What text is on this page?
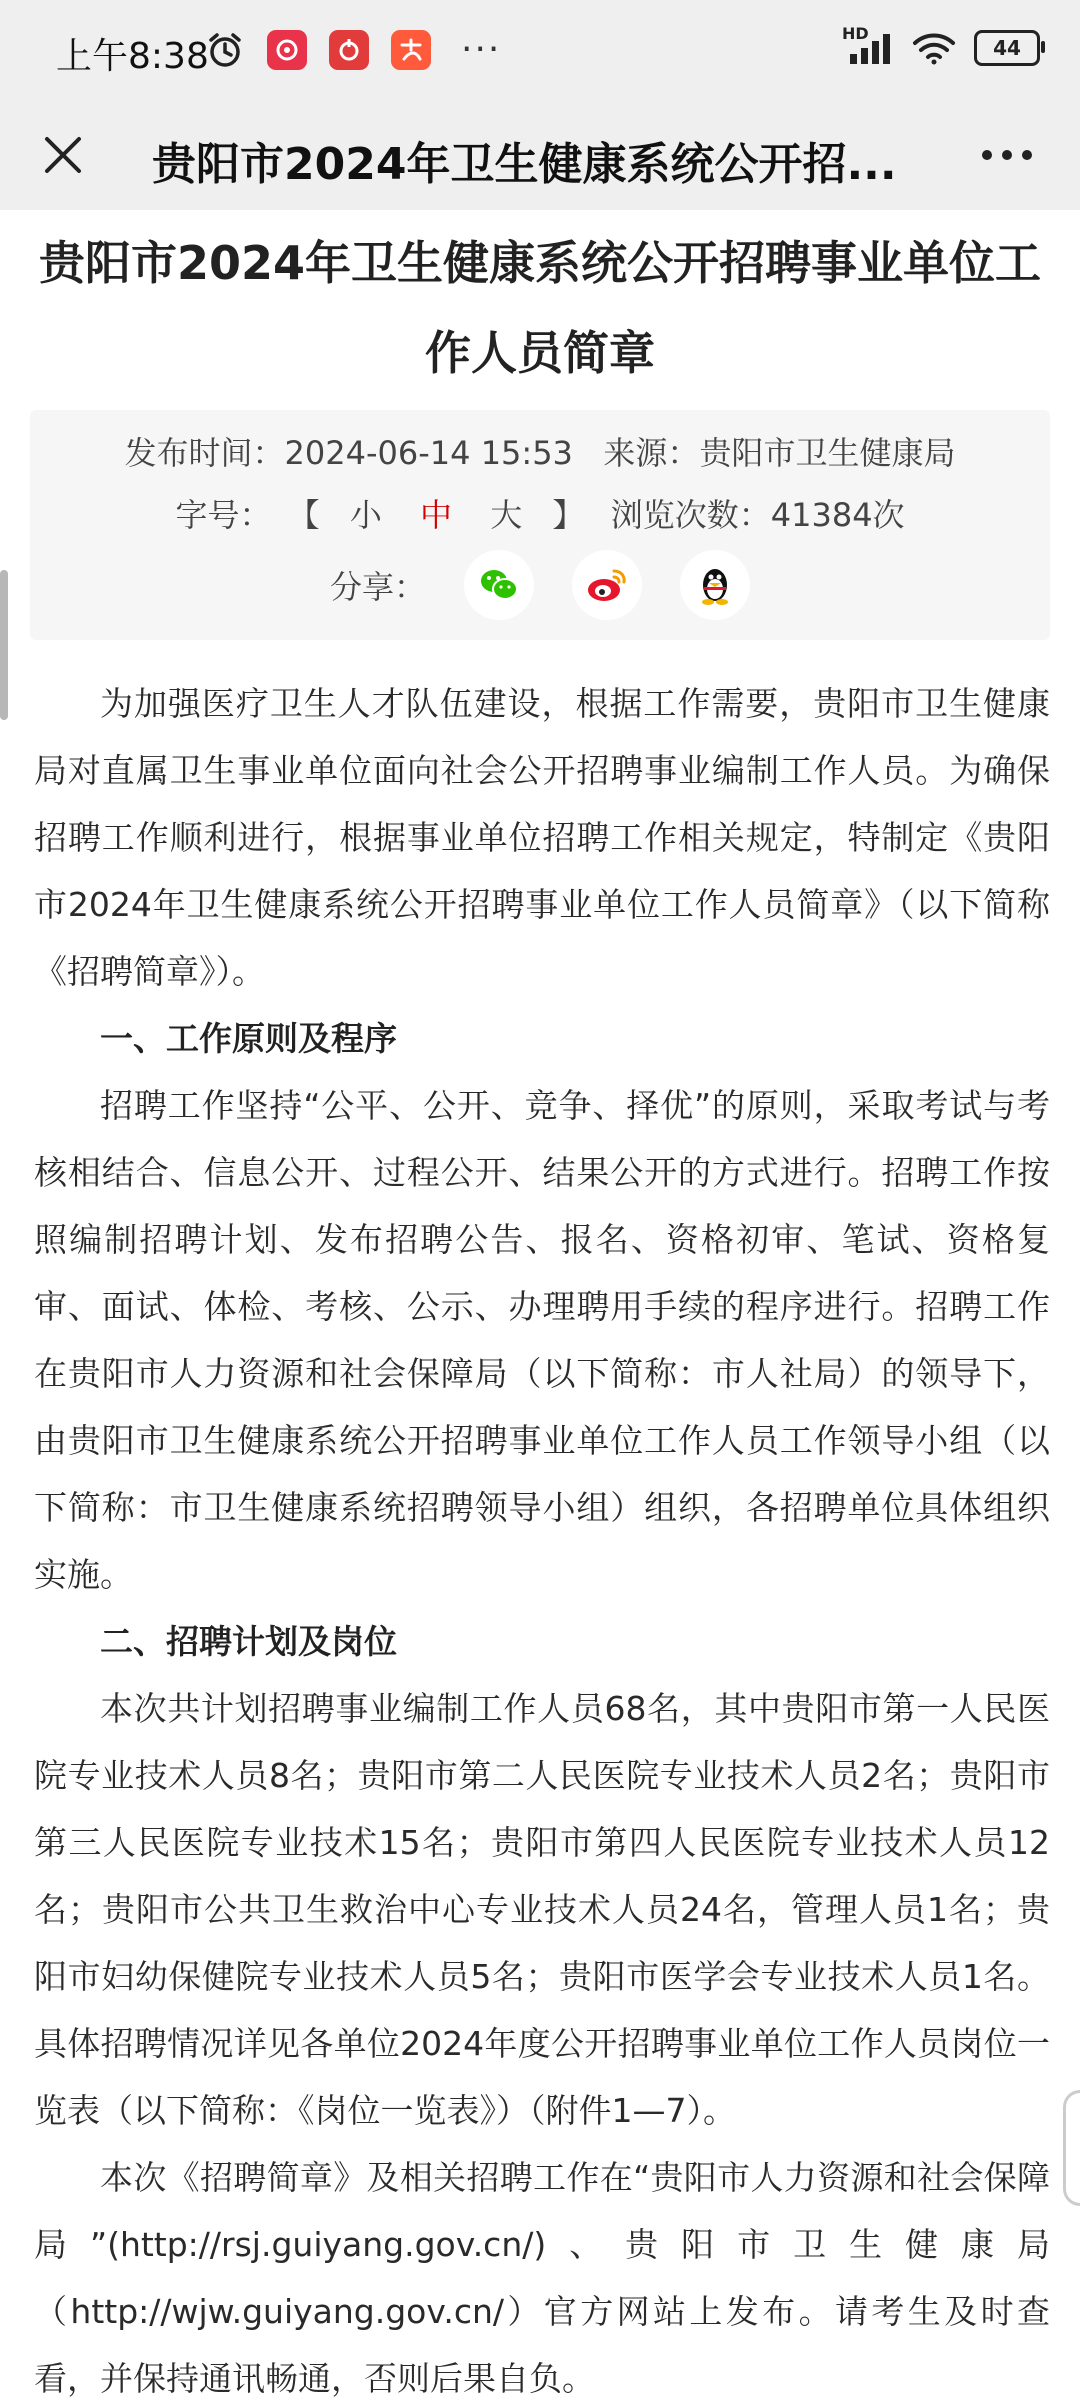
上午8:38	···	HD
44
贵阳市2024年卫生健康系统公开招...
贵阳市2024年卫生健康系统公开招聘事业单位工作人员简章
发布时间：2024-06-14 15:53 来源：贵阳市卫生健康局
字号： 【 小 中 大 】 浏览次数：41384次
分享：

为加强医疗卫生人才队伍建设，根据工作需要，贵阳市卫生健康局对直属卫生事业单位面向社会公开招聘事业编制工作人员。为确保招聘工作顺利进行，根据事业单位招聘工作相关规定，特制定《贵阳市2024年卫生健康系统公开招聘事业单位工作人员简章》（以下简称《招聘简章》）。

一、工作原则及程序

招聘工作坚持“公平、公开、竞争、择优”的原则，采取考试与考核相结合、信息公开、过程公开、结果公开的方式进行。招聘工作按照编制招聘计划、发布招聘公告、报名、资格初审、笔试、资格复审、面试、体检、考核、公示、办理聘用手续的程序进行。招聘工作在贵阳市人力资源和社会保障局（以下简称：市人社局）的领导下，由贵阳市卫生健康系统公开招聘事业单位工作人员工作领导小组（以下简称：市卫生健康系统招聘领导小组）组织，各招聘单位具体组织实施。

二、招聘计划及岗位

本次共计划招聘事业编制工作人员68名，其中贵阳市第一人民医院专业技术人员8名；贵阳市第二人民医院专业技术人员2名；贵阳市第三人民医院专业技术15名；贵阳市第四人民医院专业技术人员12名；贵阳市公共卫生救治中心专业技术人员24名，管理人员1名；贵阳市妇幼保健院专业技术人员5名；贵阳市医学会专业技术人员1名。具体招聘情况详见各单位2024年度公开招聘事业单位工作人员岗位一览表（以下简称：《岗位一览表》）（附件1—7）。

本次《招聘简章》及相关招聘工作在“贵阳市人力资源和社会保障局”(http://rsj.guiyang.gov.cn/)、贵阳市卫生健康局（http://wjw.guiyang.gov.cn/）官方网站上发布。请考生及时查看，并保持通讯畅通，否则后果自负。
